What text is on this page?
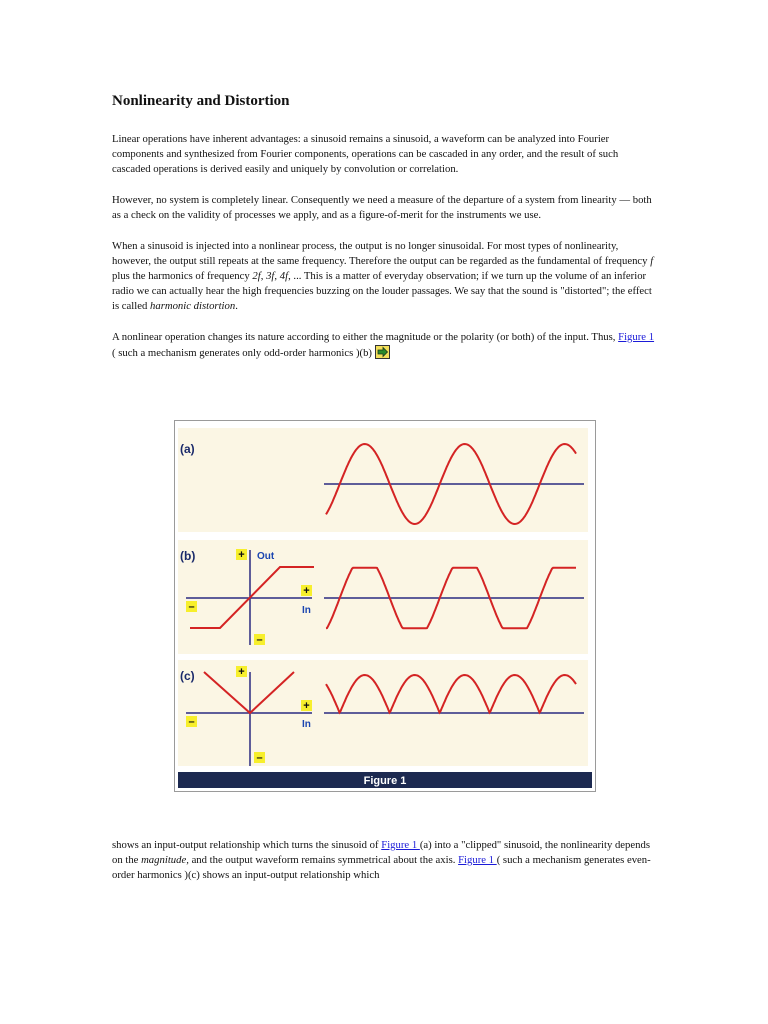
Nonlinearity and Distortion

Linear operations have inherent advantages: a sinusoid remains a sinusoid, a waveform can be analyzed into Fourier components and synthesized from Fourier components, operations can be cascaded in any order, and the result of such cascaded operations is derived easily and uniquely by convolution or correlation.

However, no system is completely linear. Consequently we need a measure of the departure of a system from linearity — both as a check on the validity of processes we apply, and as a figure-of-merit for the instruments we use.

When a sinusoid is injected into a nonlinear process, the output is no longer sinusoidal. For most types of nonlinearity, however, the output still repeats at the same frequency. Therefore the output can be regarded as the fundamental of frequency f plus the harmonics of frequency 2f, 3f, 4f, ... This is a matter of everyday observation; if we turn up the volume of an inferior radio we can actually hear the high frequencies buzzing on the louder passages. We say that the sound is "distorted"; the effect is called harmonic distortion.

A nonlinear operation changes its nature according to either the magnitude or the polarity (or both) of the input. Thus, Figure 1 ( such a mechanism generates only odd-order harmonics )(b)

(a)
(b)	+ Out
+
In
–
–
(c)	+
+
In
–
–
Figure 1

shows an input-output relationship which turns the sinusoid of Figure 1 (a) into a "clipped" sinusoid, the nonlinearity depends on the magnitude, and the output waveform remains symmetrical about the axis. Figure 1 ( such a mechanism generates even-order harmonics )(c) shows an input-output relationship which
